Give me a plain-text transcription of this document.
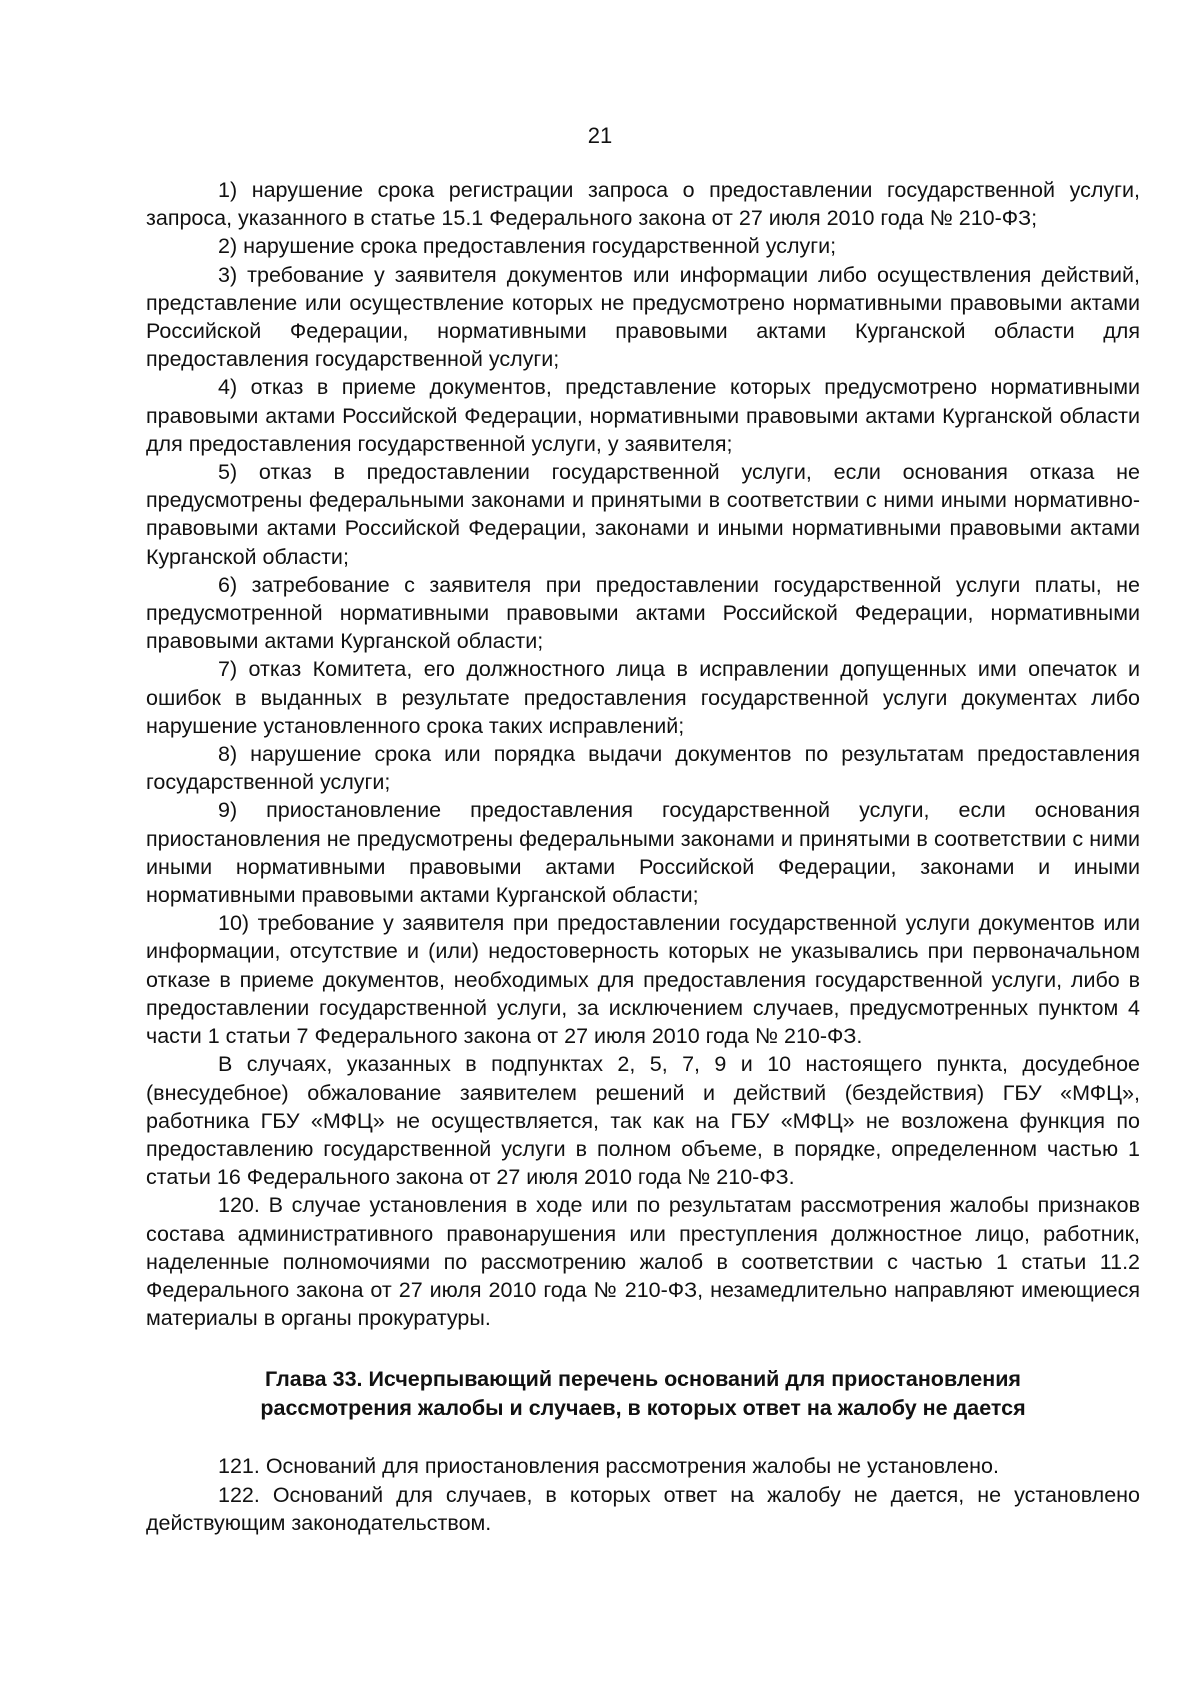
21

1) нарушение срока регистрации запроса о предоставлении государственной услуги, запроса, указанного в статье 15.1 Федерального закона от 27 июля 2010 года № 210-ФЗ;

2) нарушение срока предоставления государственной услуги;

3) требование у заявителя документов или информации либо осуществления действий, представление или осуществление которых не предусмотрено нормативными правовыми актами Российской Федерации, нормативными правовыми актами Курганской области для предоставления государственной услуги;

4) отказ в приеме документов, представление которых предусмотрено нормативными правовыми актами Российской Федерации, нормативными правовыми актами Курганской области для предоставления государственной услуги, у заявителя;

5) отказ в предоставлении государственной услуги, если основания отказа не предусмотрены федеральными законами и принятыми в соответствии с ними иными нормативно-правовыми актами Российской Федерации, законами и иными нормативными правовыми актами Курганской области;

6) затребование с заявителя при предоставлении государственной услуги платы, не предусмотренной нормативными правовыми актами Российской Федерации, нормативными правовыми актами Курганской области;

7) отказ Комитета, его должностного лица в исправлении допущенных ими опечаток и ошибок в выданных в результате предоставления государственной услуги документах либо нарушение установленного срока таких исправлений;

8) нарушение срока или порядка выдачи документов по результатам предоставления государственной услуги;

9) приостановление предоставления государственной услуги, если основания приостановления не предусмотрены федеральными законами и принятыми в соответствии с ними иными нормативными правовыми актами Российской Федерации, законами и иными нормативными правовыми актами Курганской области;

10) требование у заявителя при предоставлении государственной услуги документов или информации, отсутствие и (или) недостоверность которых не указывались при первоначальном отказе в приеме документов, необходимых для предоставления государственной услуги, либо в предоставлении государственной услуги, за исключением случаев, предусмотренных пунктом 4 части 1 статьи 7 Федерального закона от 27 июля 2010 года № 210-ФЗ.

В случаях, указанных в подпунктах 2, 5, 7, 9 и 10 настоящего пункта, досудебное (внесудебное) обжалование заявителем решений и действий (бездействия) ГБУ «МФЦ», работника ГБУ «МФЦ» не осуществляется, так как на ГБУ «МФЦ» не возложена функция по предоставлению государственной услуги в полном объеме, в порядке, определенном частью 1 статьи 16 Федерального закона от 27 июля 2010 года № 210-ФЗ.

120. В случае установления в ходе или по результатам рассмотрения жалобы признаков состава административного правонарушения или преступления должностное лицо, работник, наделенные полномочиями по рассмотрению жалоб в соответствии с частью 1 статьи 11.2 Федерального закона от 27 июля 2010 года № 210-ФЗ, незамедлительно направляют имеющиеся материалы в органы прокуратуры.

Глава 33. Исчерпывающий перечень оснований для приостановления
рассмотрения жалобы и случаев, в которых ответ на жалобу не дается

121. Оснований для приостановления рассмотрения жалобы не установлено.

122. Оснований для случаев, в которых ответ на жалобу не дается, не установлено действующим законодательством.
